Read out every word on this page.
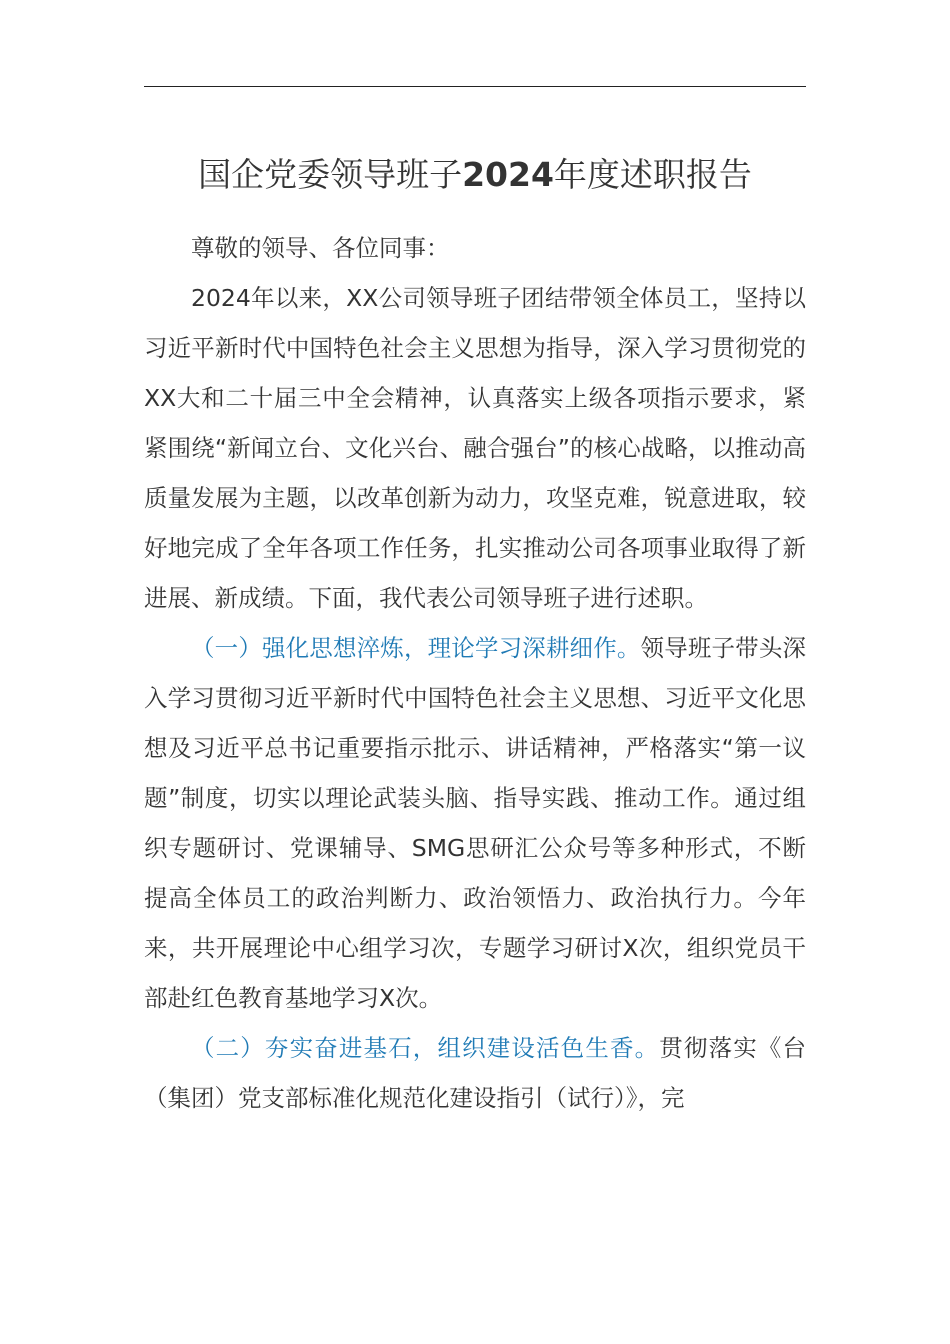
国企党委领导班子2024年度述职报告

尊敬的领导、各位同事：

2024年以来，XX公司领导班子团结带领全体员工，坚持以习近平新时代中国特色社会主义思想为指导，深入学习贯彻党的XX大和二十届三中全会精神，认真落实上级各项指示要求，紧紧围绕“新闻立台、文化兴台、融合强台”的核心战略，以推动高质量发展为主题，以改革创新为动力，攻坚克难，锐意进取，较好地完成了全年各项工作任务，扎实推动公司各项事业取得了新进展、新成绩。下面，我代表公司领导班子进行述职。

（一）强化思想淬炼，理论学习深耕细作。领导班子带头深入学习贯彻习近平新时代中国特色社会主义思想、习近平文化思想及习近平总书记重要指示批示、讲话精神，严格落实“第一议题”制度，切实以理论武装头脑、指导实践、推动工作。通过组织专题研讨、党课辅导、SMG思研汇公众号等多种形式，不断提高全体员工的政治判断力、政治领悟力、政治执行力。今年来，共开展理论中心组学习次，专题学习研讨X次，组织党员干部赴红色教育基地学习X次。

（二）夯实奋进基石，组织建设活色生香。贯彻落实《台（集团）党支部标准化规范化建设指引（试行）》，完
